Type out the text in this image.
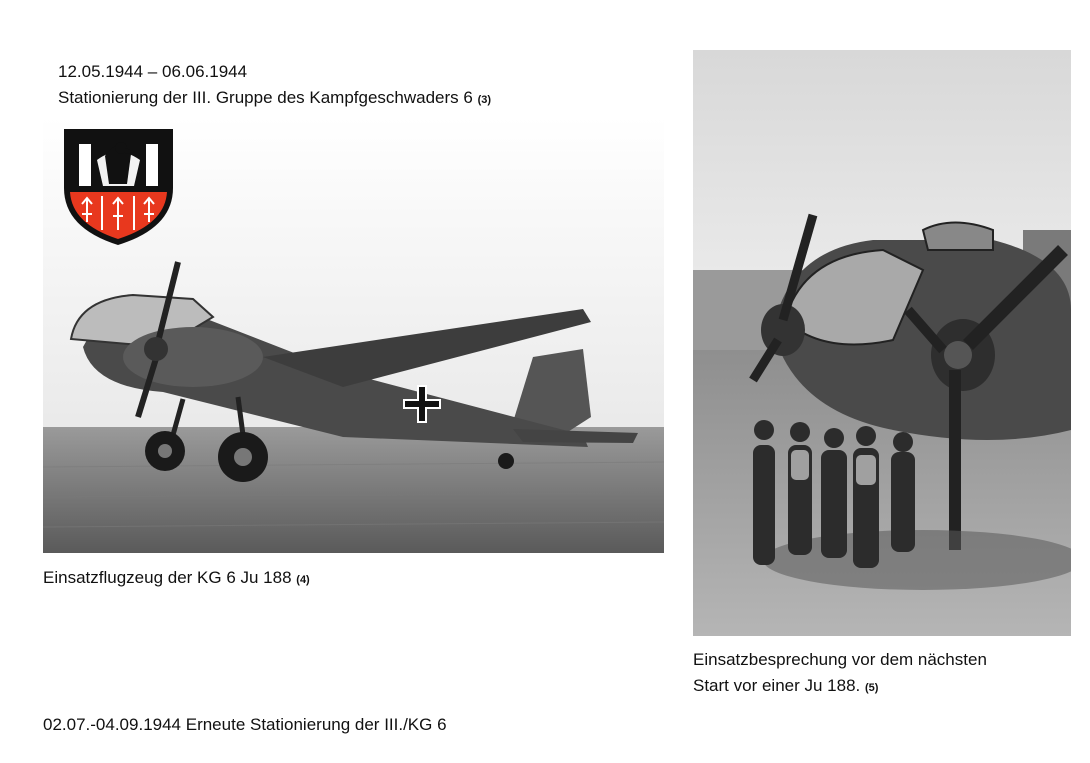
12.05.1944 – 06.06.1944
Stationierung der III. Gruppe des Kampfgeschwaders 6 (3)
Einsatzflugzeug der KG 6 Ju 188 (4)
Einsatzbesprechung vor dem nächsten
Start vor einer Ju 188. (5)
02.07.-04.09.1944 Erneute Stationierung der III./KG 6
